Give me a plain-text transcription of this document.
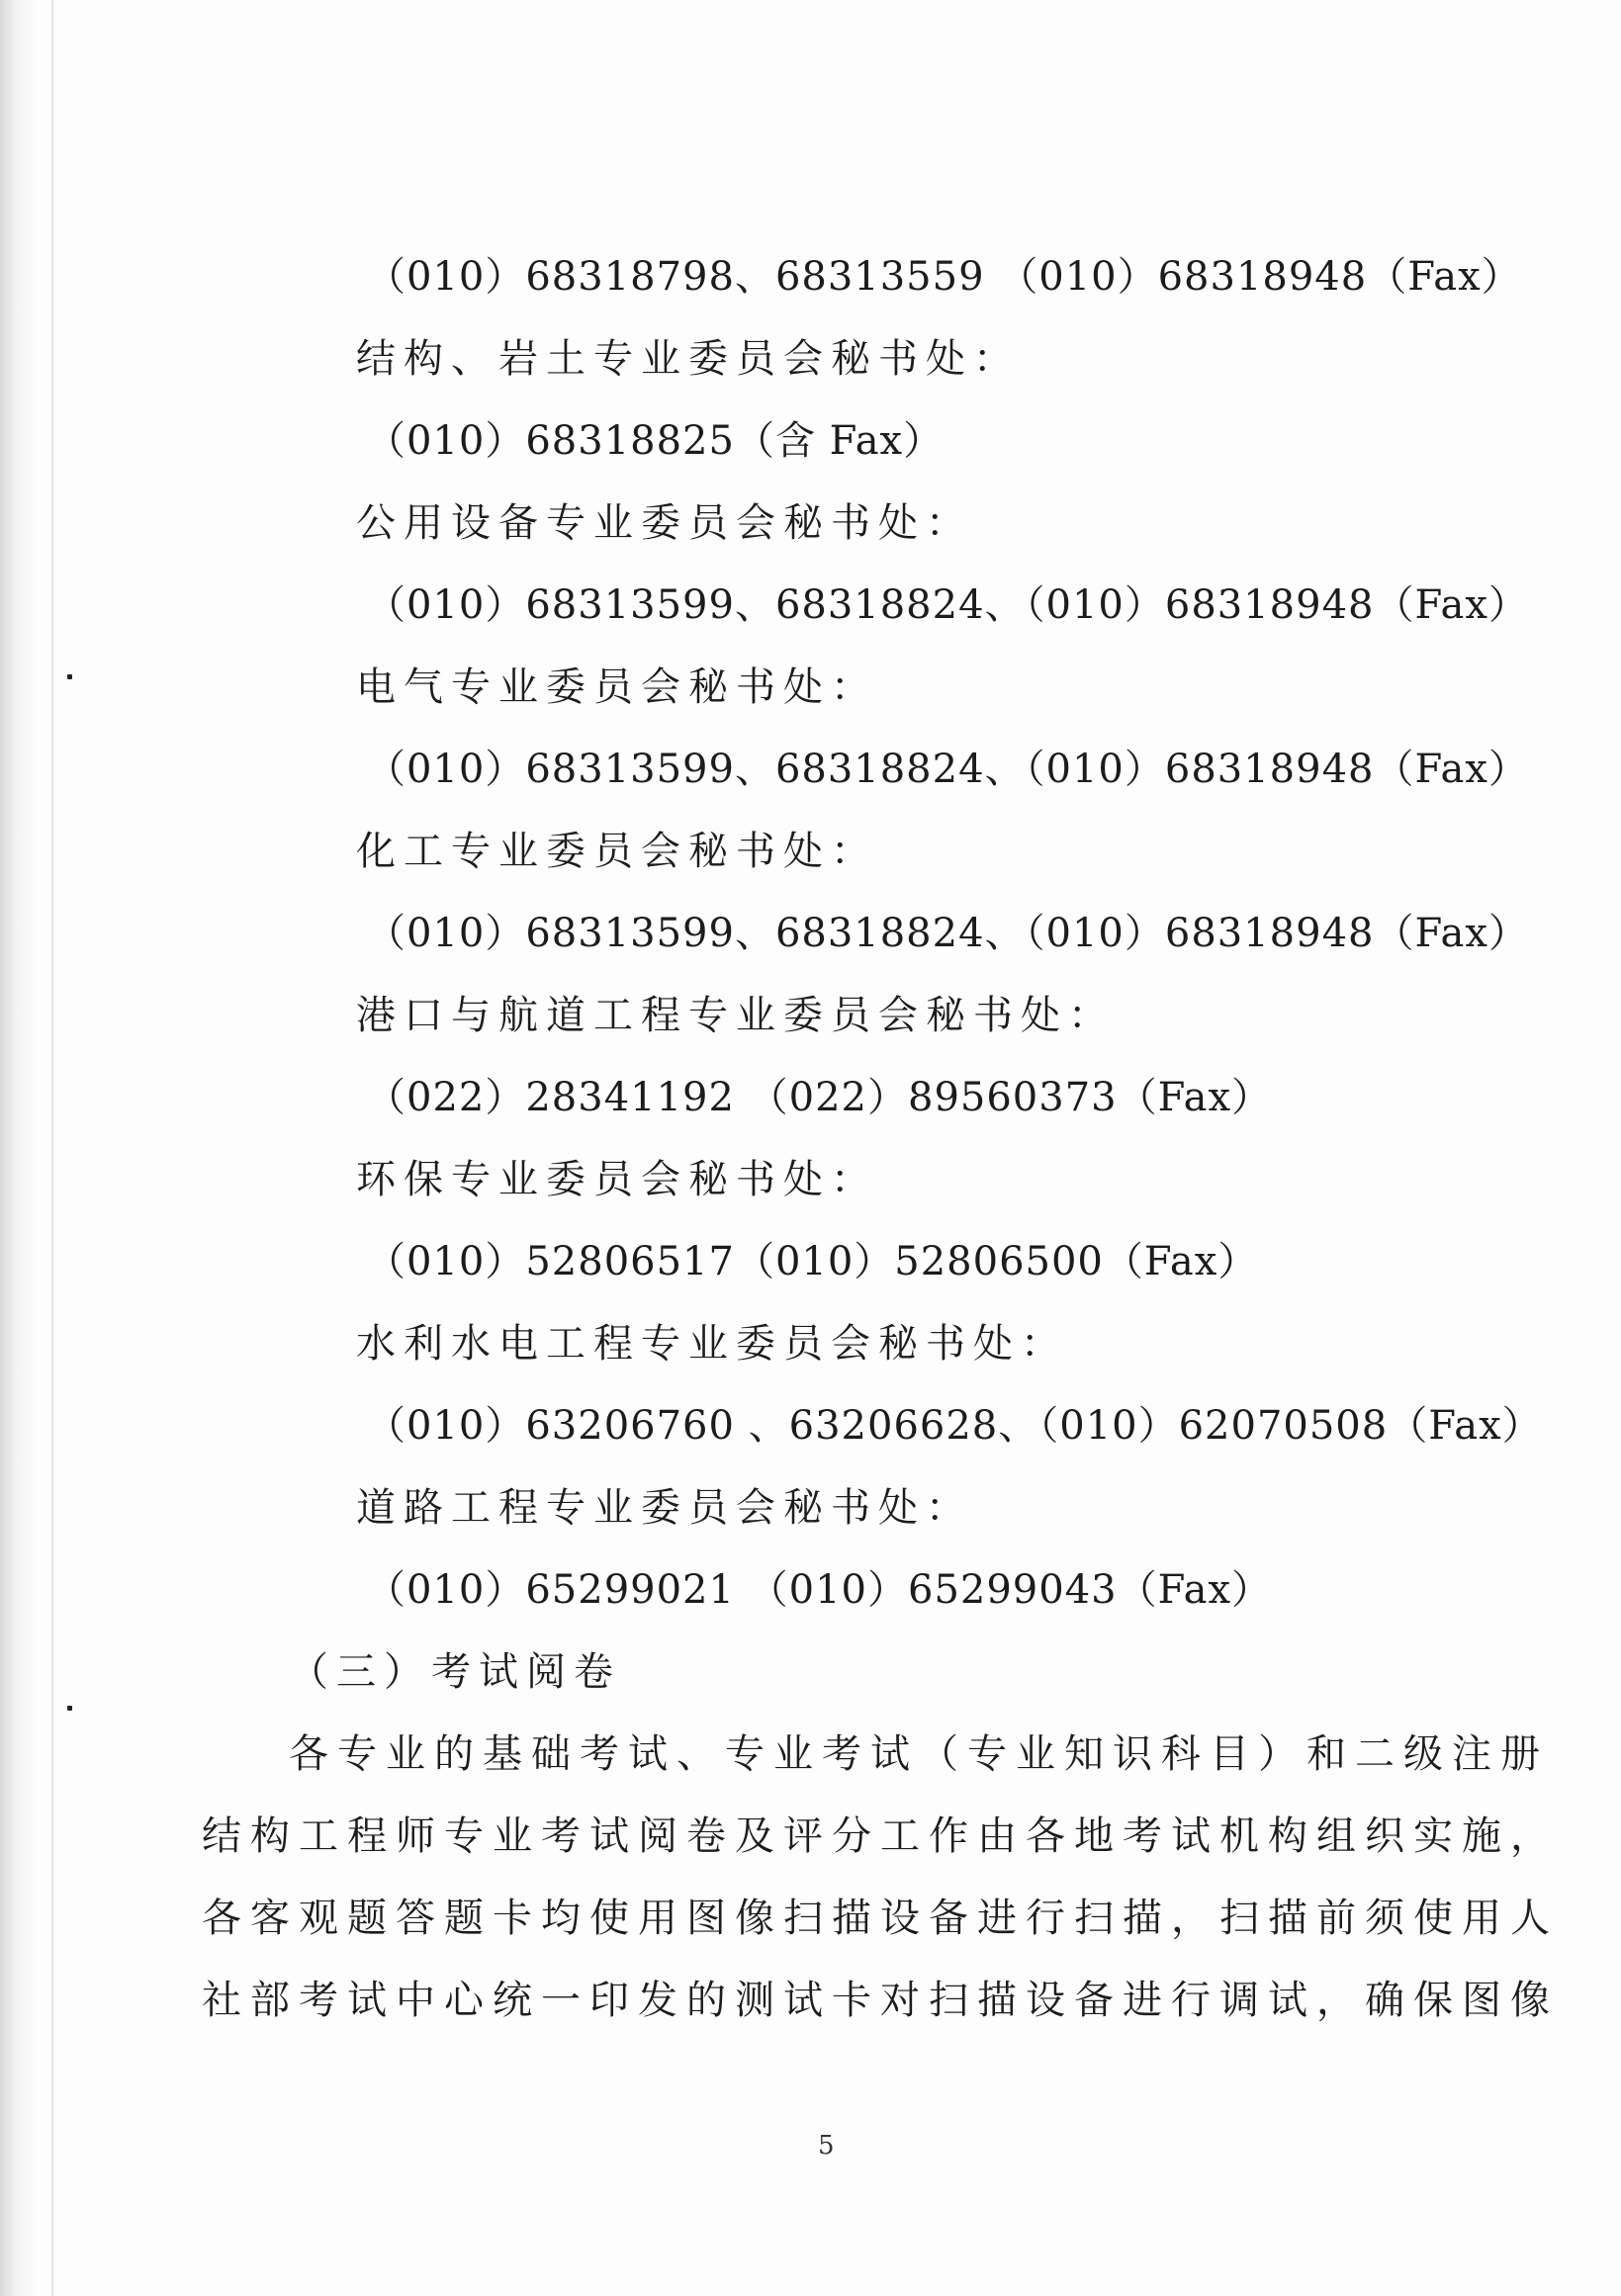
（010）68318798、68313559 （010）68318948（Fax）
结构、岩土专业委员会秘书处：
（010）68318825（含 Fax）
公用设备专业委员会秘书处：
（010）68313599、68318824、（010）68318948（Fax）
电气专业委员会秘书处：
（010）68313599、68318824、（010）68318948（Fax）
化工专业委员会秘书处：
（010）68313599、68318824、（010）68318948（Fax）
港口与航道工程专业委员会秘书处：
（022）28341192 （022）89560373（Fax）
环保专业委员会秘书处：
（010）52806517（010）52806500（Fax）
水利水电工程专业委员会秘书处：
（010）63206760 、63206628、（010）62070508（Fax）
道路工程专业委员会秘书处：
（010）65299021 （010）65299043（Fax）
（三）考试阅卷
各专业的基础考试、专业考试（专业知识科目）和二级注册
结构工程师专业考试阅卷及评分工作由各地考试机构组织实施，
各客观题答题卡均使用图像扫描设备进行扫描，扫描前须使用人
社部考试中心统一印发的测试卡对扫描设备进行调试，确保图像
5
